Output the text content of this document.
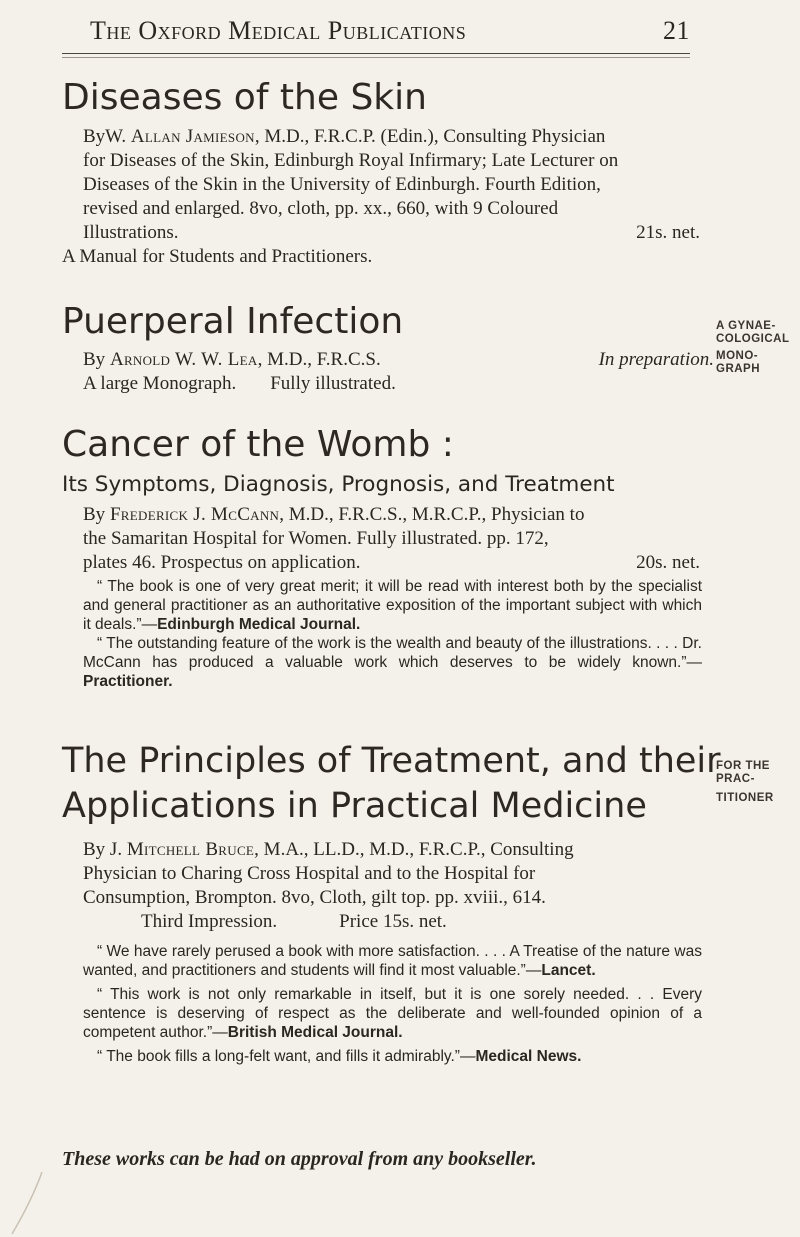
The Oxford Medical Publications	21
Diseases of the Skin

ByW. Allan Jamieson, M.D., F.R.C.P. (Edin.), Consulting Physician

for Diseases of the Skin, Edinburgh Royal Infirmary; Late Lecturer on

Diseases of the Skin in the University of Edinburgh. Fourth Edition,

revised and enlarged. 8vo, cloth, pp. xx., 660, with 9 Coloured

Illustrations.	21s. net.

A Manual for Students and Practitioners.

Puerperal Infection

By Arnold W. W. Lea, M.D., F.R.C.S.	In preparation.

A large Monograph. Fully illustrated.

A GYNAE-
COLOGICAL
MONO-
GRAPH
Cancer of the Womb :

Its Symptoms, Diagnosis, Prognosis, and Treatment

By Frederick J. McCann, M.D., F.R.C.S., M.R.C.P., Physician to

the Samaritan Hospital for Women. Fully illustrated. pp. 172,

plates 46. Prospectus on application.	20s. net.

“ The book is one of very great merit; it will be read with interest both by the specialist and general practitioner as an authoritative exposition of the important subject with which it deals.”—Edinburgh Medical Journal.

“ The outstanding feature of the work is the wealth and beauty of the illustrations. . . . Dr. McCann has produced a valuable work which deserves to be widely known.”—Practitioner.

The Principles of Treatment, and their
Applications in Practical Medicine

By J. Mitchell Bruce, M.A., LL.D., M.D., F.R.C.P., Consulting

Physician to Charing Cross Hospital and to the Hospital for

Consumption, Brompton. 8vo, Cloth, gilt top. pp. xviii., 614.

Third Impression.	Price 15s. net.

“ We have rarely perused a book with more satisfaction. . . . A Treatise of the nature was wanted, and practitioners and students will find it most valuable.”—Lancet.

“ This work is not only remarkable in itself, but it is one sorely needed. . . Every sentence is deserving of respect as the deliberate and well-founded opinion of a competent author.”—British Medical Journal.

“ The book fills a long-felt want, and fills it admirably.”—Medical News.

FOR THE
PRAC-
TITIONER
These works can be had on approval from any bookseller.
